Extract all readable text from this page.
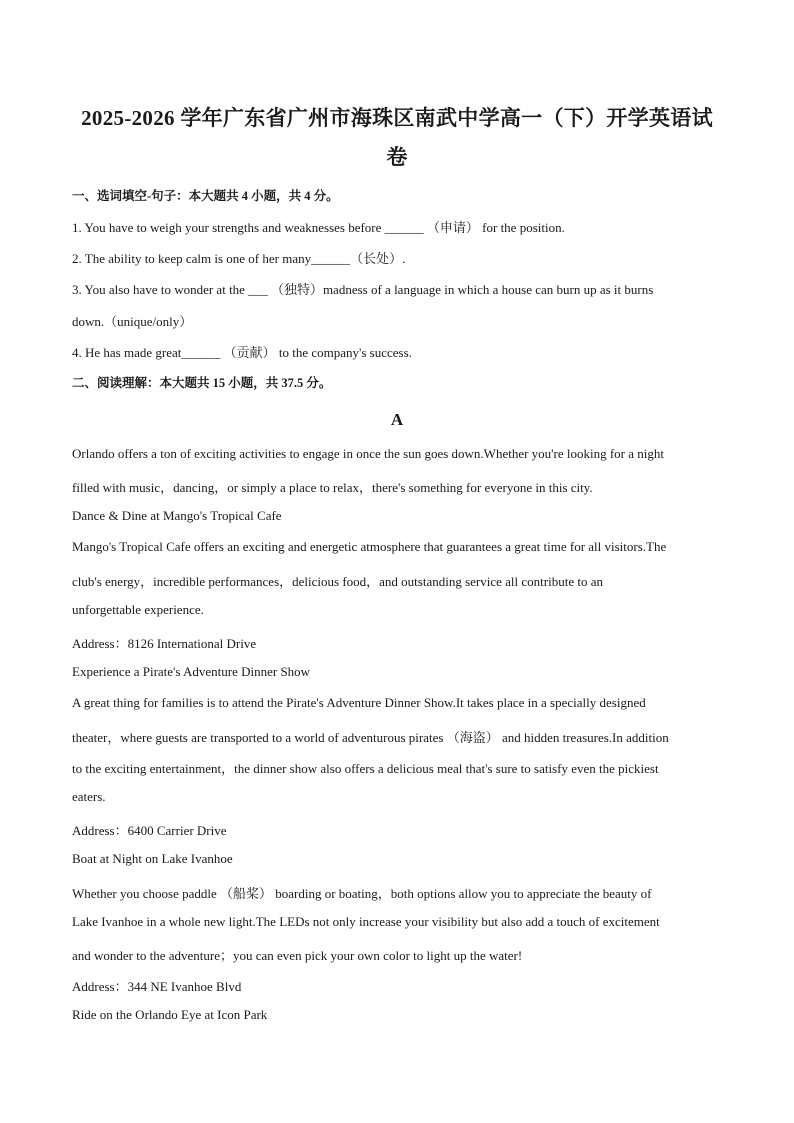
2025-2026 学年广东省广州市海珠区南武中学高一（下）开学英语试
卷
一、选词填空-句子：本大题共 4 小题，共 4 分。
1. You have to weigh your strengths and weaknesses before ______ （申请） for the position.
2. The ability to keep calm is one of her many______（长处）.
3. You also have to wonder at the ___ （独特）madness of a language in which a house can burn up as it burns
down.（unique/only）
4. He has made great______ （贡献） to the company's success.
二、阅读理解：本大题共 15 小题，共 37.5 分。
A
Orlando offers a ton of exciting activities to engage in once the sun goes down.Whether you're looking for a night
filled with music，dancing，or simply a place to relax，there's something for everyone in this city.
Dance & Dine at Mango's Tropical Cafe
Mango's Tropical Cafe offers an exciting and energetic atmosphere that guarantees a great time for all visitors.The
club's energy，incredible performances，delicious food，and outstanding service all contribute to an
unforgettable experience.
Address：8126 International Drive
Experience a Pirate's Adventure Dinner Show
A great thing for families is to attend the Pirate's Adventure Dinner Show.It takes place in a specially designed
theater，where guests are transported to a world of adventurous pirates （海盗） and hidden treasures.In addition
to the exciting entertainment，the dinner show also offers a delicious meal that's sure to satisfy even the pickiest
eaters.
Address：6400 Carrier Drive
Boat at Night on Lake Ivanhoe
Whether you choose paddle （船桨） boarding or boating，both options allow you to appreciate the beauty of
Lake Ivanhoe in a whole new light.The LEDs not only increase your visibility but also add a touch of excitement
and wonder to the adventure；you can even pick your own color to light up the water!
Address：344 NE Ivanhoe Blvd
Ride on the Orlando Eye at Icon Park
